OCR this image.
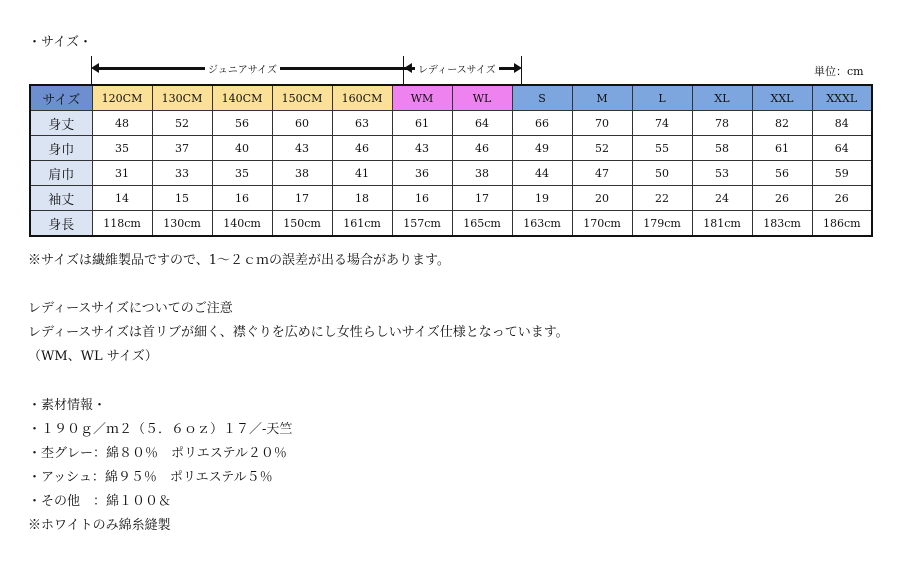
・サイズ・
ジュニアサイズ	レディースサイズ	単位：cm
サイズ	120CM	130CM	140CM	150CM	160CM	WM	WL	S	M	L	XL	XXL	XXXL
身丈	48	52	56	60	63	61	64	66	70	74	78	82	84
身巾	35	37	40	43	46	43	46	49	52	55	58	61	64
肩巾	31	33	35	38	41	36	38	44	47	50	53	56	59
袖丈	14	15	16	17	18	16	17	19	20	22	24	26	26
身長	118cm	130cm	140cm	150cm	161cm	157cm	165cm	163cm	170cm	179cm	181cm	183cm	186cm
※サイズは繊維製品ですので、1～２ｃｍの誤差が出る場合があります。
レディースサイズについてのご注意
レディースサイズは首リブが細く、襟ぐりを広めにし女性らしいサイズ仕様となっています。
（WM、WL サイズ）
・素材情報・
・１９０ｇ／ｍ２（５．６ｏｚ）１７／‐天竺
・杢グレー：綿８０％　ポリエステル２０％
・アッシュ：綿９５％　ポリエステル５％
・その他　：綿１００＆
※ホワイトのみ綿糸縫製
